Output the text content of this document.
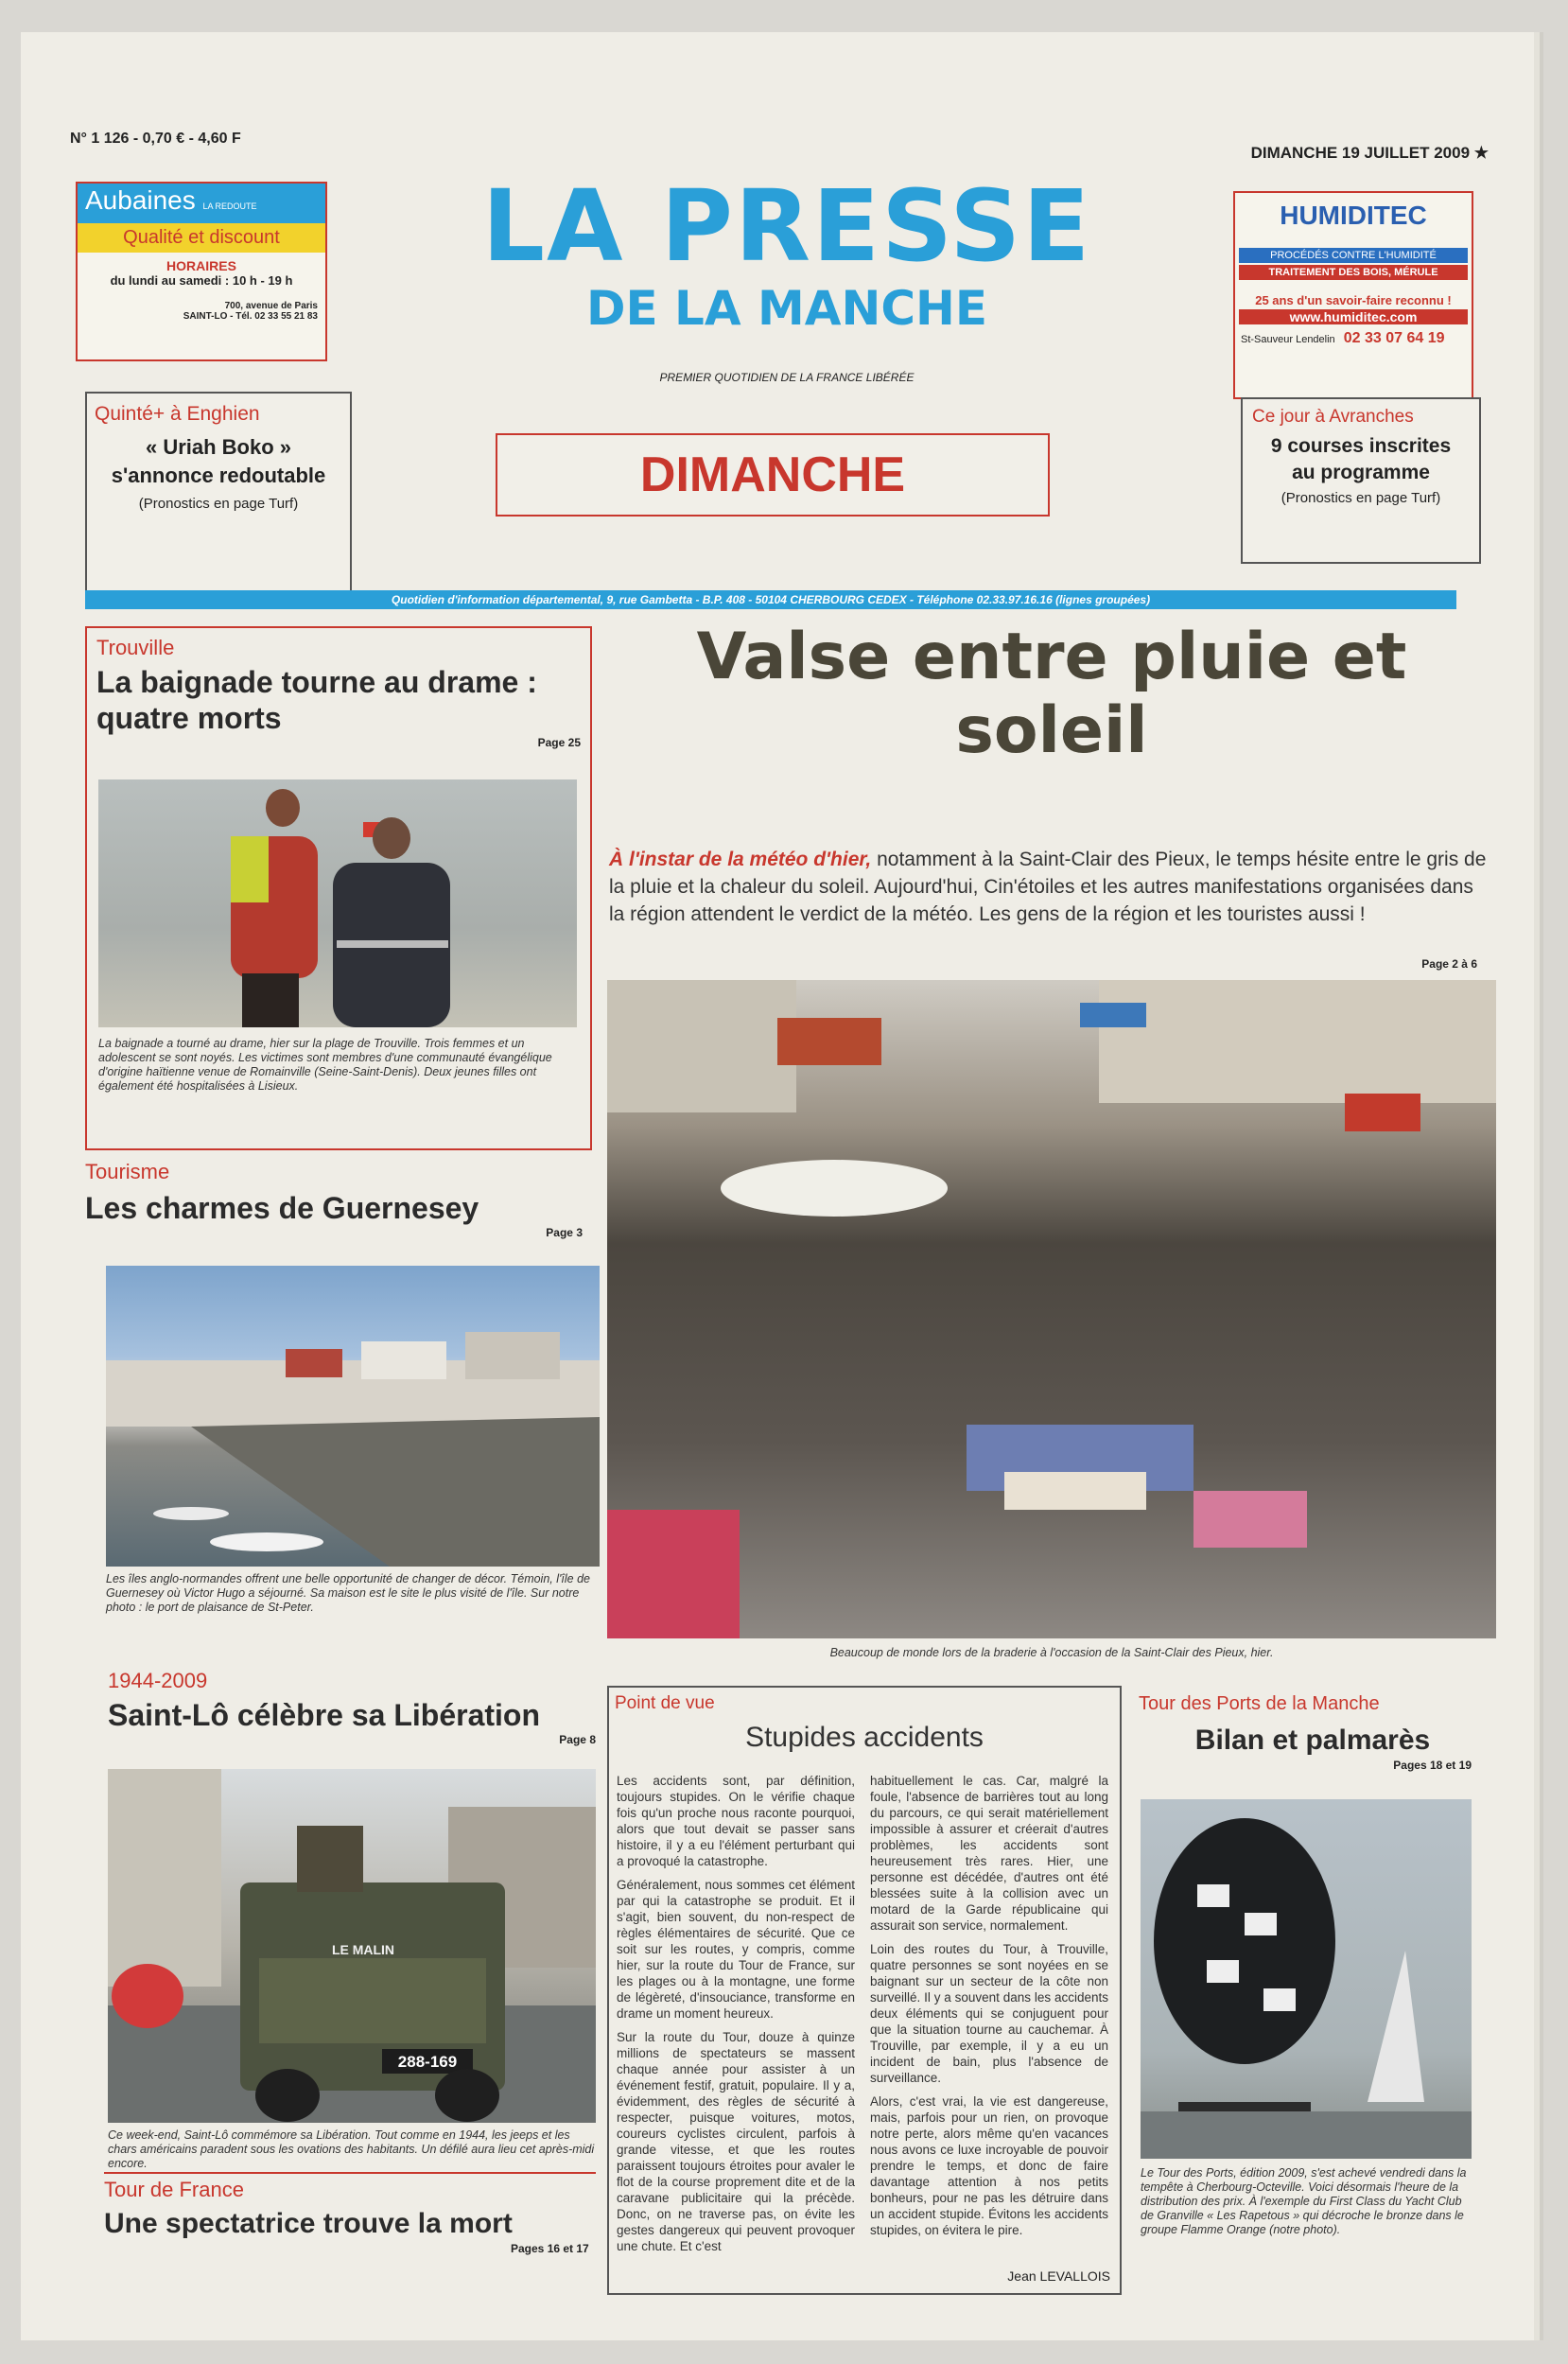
N° 1 126 - 0,70 € - 4,60 F
DIMANCHE 19 JUILLET 2009 ★
Aubaines LA REDOUTE
Qualité et discount
HORAIRES
du lundi au samedi : 10 h - 19 h
700, avenue de Paris
SAINT-LO - Tél. 02 33 55 21 83
LA PRESSE
DE LA MANCHE
PREMIER QUOTIDIEN DE LA FRANCE LIBÉRÉE
HUMIDITEC
PROCÉDÉS CONTRE L'HUMIDITÉ
TRAITEMENT DES BOIS, MÉRULE
25 ans d'un savoir-faire reconnu !
www.humiditec.com
St-Sauveur Lendelin 02 33 07 64 19
Quinté+ à Enghien
« Uriah Boko » s'annonce redoutable
(Pronostics en page Turf)
DIMANCHE
Ce jour à Avranches
9 courses inscrites au programme
(Pronostics en page Turf)
Quotidien d'information départemental, 9, rue Gambetta - B.P. 408 - 50104 CHERBOURG CEDEX - Téléphone 02.33.97.16.16 (lignes groupées)
Trouville
La baignade tourne au drame : quatre morts
Page 25
La baignade a tourné au drame, hier sur la plage de Trouville. Trois femmes et un adolescent se sont noyés. Les victimes sont membres d'une communauté évangélique d'origine haïtienne venue de Romainville (Seine-Saint-Denis). Deux jeunes filles ont également été hospitalisées à Lisieux.
Tourisme
Les charmes de Guernesey
Page 3
Les îles anglo-normandes offrent une belle opportunité de changer de décor. Témoin, l'île de Guernesey où Victor Hugo a séjourné. Sa maison est le site le plus visité de l'île. Sur notre photo : le port de plaisance de St-Peter.
1944-2009
Saint-Lô célèbre sa Libération
Page 8
288-169
LE MALIN
Ce week-end, Saint-Lô commémore sa Libération. Tout comme en 1944, les jeeps et les chars américains paradent sous les ovations des habitants. Un défilé aura lieu cet après-midi encore.
Tour de France
Une spectatrice trouve la mort
Pages 16 et 17
Valse entre pluie et soleil
À l'instar de la météo d'hier, notamment à la Saint-Clair des Pieux, le temps hésite entre le gris de la pluie et la chaleur du soleil. Aujourd'hui, Cin'étoiles et les autres manifestations organisées dans la région attendent le verdict de la météo. Les gens de la région et les touristes aussi !
Page 2 à 6
Beaucoup de monde lors de la braderie à l'occasion de la Saint-Clair des Pieux, hier.
Point de vue
Stupides accidents

Les accidents sont, par définition, toujours stupides. On le vérifie chaque fois qu'un proche nous raconte pourquoi, alors que tout devait se passer sans histoire, il y a eu l'élément perturbant qui a provoqué la catastrophe.

Généralement, nous sommes cet élément par qui la catastrophe se produit. Et il s'agit, bien souvent, du non-respect de règles élémentaires de sécurité. Que ce soit sur les routes, y compris, comme hier, sur la route du Tour de France, sur les plages ou à la montagne, une forme de légèreté, d'insouciance, transforme en drame un moment heureux.

Sur la route du Tour, douze à quinze millions de spectateurs se massent chaque année pour assister à un événement festif, gratuit, populaire. Il y a, évidemment, des règles de sécurité à respecter, puisque voitures, motos, coureurs cyclistes circulent, parfois à grande vitesse, et que les routes paraissent toujours étroites pour avaler le flot de la course proprement dite et de la caravane publicitaire qui la précède. Donc, on ne traverse pas, on évite les gestes dangereux qui peuvent provoquer une chute. Et c'est

habituellement le cas. Car, malgré la foule, l'absence de barrières tout au long du parcours, ce qui serait matériellement impossible à assurer et créerait d'autres problèmes, les accidents sont heureusement très rares. Hier, une personne est décédée, d'autres ont été blessées suite à la collision avec un motard de la Garde républicaine qui assurait son service, normalement.

Loin des routes du Tour, à Trouville, quatre personnes se sont noyées en se baignant sur un secteur de la côte non surveillé. Il y a souvent dans les accidents deux éléments qui se conjuguent pour que la situation tourne au cauchemar. À Trouville, par exemple, il y a eu un incident de bain, plus l'absence de surveillance.

Alors, c'est vrai, la vie est dangereuse, mais, parfois pour un rien, on provoque notre perte, alors même qu'en vacances nous avons ce luxe incroyable de pouvoir prendre le temps, et donc de faire davantage attention à nos petits bonheurs, pour ne pas les détruire dans un accident stupide. Évitons les accidents stupides, on évitera le pire.

Jean LEVALLOIS
Tour des Ports de la Manche
Bilan et palmarès
Pages 18 et 19
Le Tour des Ports, édition 2009, s'est achevé vendredi dans la tempête à Cherbourg-Octeville. Voici désormais l'heure de la distribution des prix. À l'exemple du First Class du Yacht Club de Granville « Les Rapetous » qui décroche le bronze dans le groupe Flamme Orange (notre photo).
